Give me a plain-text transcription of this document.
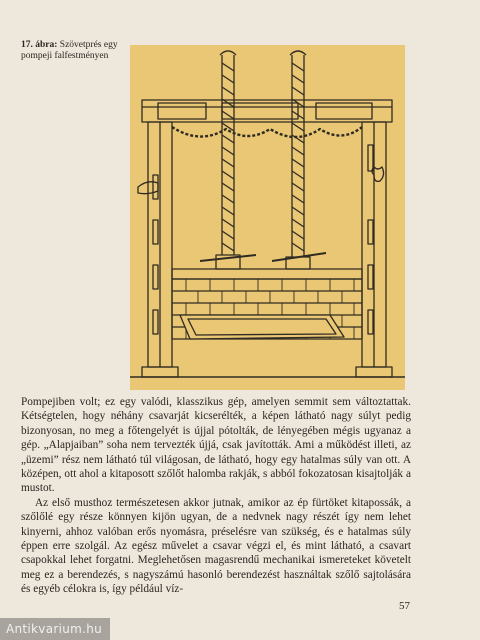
17. ábra: Szövetprés egy pompeji falfestményen

Pompejiben volt; ez egy valódi, klasszikus gép, amelyen semmit sem változtattak. Kétségtelen, hogy néhány csavarját kicserélték, a képen látható nagy súlyt pedig bizonyosan, no meg a főtengelyét is újjal pótolták, de lényegében mégis ugyanaz a gép. „Alapjaiban” soha nem tervezték újjá, csak javították. Ami a működést illeti, az „üzemi” rész nem látható túl világosan, de látható, hogy egy hatalmas súly van ott. A középen, ott ahol a kitaposott szőlőt halomba rakják, s abból fokozatosan kisajtolják a mustot.

Az első musthoz természetesen akkor jutnak, amikor az ép fürtöket kitapossák, a szőlőlé egy része könnyen kijön ugyan, de a nedvnek nagy részét így nem lehet kinyerni, ahhoz valóban erős nyomásra, préselésre van szükség, és e hatalmas súly éppen erre szolgál. Az egész művelet a csavar végzi el, és mint látható, a csavart csapokkal lehet forgatni. Meglehetősen magasrendű mechanikai ismereteket követelt meg ez a berendezés, s nagyszámú hasonló berendezést használtak szőlő sajtolására és egyéb célokra is, így például víz-

57
Antikvarium.hu
